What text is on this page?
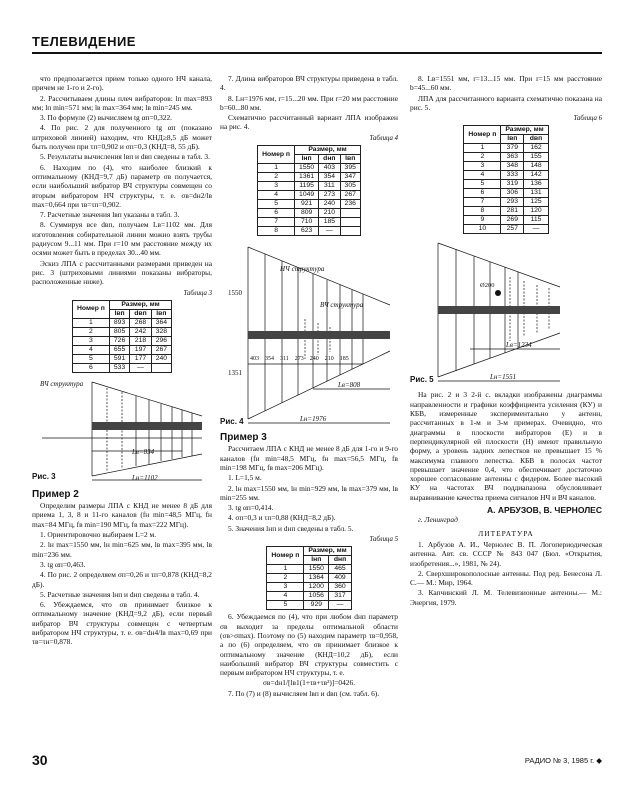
ТЕЛЕВИДЕНИЕ

что предполагается прием только одного НЧ канала, причем не 1-го и 2-го).

2. Рассчитываем длины плеч вибраторов: lп max=893 мм; lп min=571 мм; lв max=364 мм; lв min=245 мм.

3. По формуле (2) вычисляем tg αп=0,322.

4. По рис. 2 для полученного tg αп (показано штриховой линией) находим, что КНД≥8,5 дБ может быть получен при τп=0,902 и σп=0,3 (КНД=8, 55 дБ).

5. Результаты вычисления lвп и dвп сведены в табл. 3.

6. Находим по (4), что наиболее близкий к оптимальному (КНД=9,7 дБ) параметр σв получается, если наибольший вибратор ВЧ структуры совмещен со вторым вибратором НЧ структуры, т. е. σв=dн2/lв max=0,664 при τв=τп=0,902.

7. Расчетные значения lвп указаны в табл. 3.

8. Суммируя все dвп, получаем Lв=1102 мм. Для изготовления собирательной линии можно взять трубы радиусом 9...11 мм. При r=10 мм расстояние между их осями может быть в пределах 30...40 мм.

Эскиз ЛПА с рассчитанными размерами приведен на рис. 3 (штриховыми линиями показаны вибраторы, расположенные ниже).

Таблица 3
Номер п	Размер, мм		
	lвп	dвп	lвп
1	893	268	364
2	805	242	328
3	726	218	296
4	655	197	267
5	591	177	240
6	533	—	
Рис. 3
ВЧ структура
Lв=834
Lн=1102
Пример 2

Определим размеры ЛПА с КНД не менее 8 дБ для приема 1, 3, 8 и 11-го каналов (fн min=48,5 МГц, fн max=84 МГц, fв min=190 МГц, fв max=222 МГц).

1. Ориентировочно выбираем L=2 м.

2. lн max=1550 мм, lн min=625 мм, lв max=395 мм, lв min=236 мм.

3. tg αп=0,463.

4. По рис. 2 определяем σп=0,26 и τп=0,878 (КНД=8,2 дБ).

5. Расчетные значения lнп и dнп сведены в табл. 4.

6. Убеждаемся, что σв принимает близкое к оптимальному значение (КНД=9,2 дБ), если первый вибратор ВЧ структуры совмещен с четвертым вибратором НЧ структуры, т. е. σв=dн4/lв max=0,69 при τв=τн=0,878.

7. Длина вибраторов ВЧ структуры приведена в табл. 4.

8. Lн=1976 мм, r=15...20 мм. При r=20 мм расстояние b=60...80 мм.

Схематично рассчитанный вариант ЛПА изображен на рис. 4.

Таблица 4
Номер п	Размер, мм		
	lнп	dнп	lвп
1	1550	403	395
2	1361	354	347
3	1195	311	305
4	1049	273	267
5	921	240	236
6	809	210	
7	710	185	
8	623	—	
Рис. 4
НЧ структура
ВЧ структура
1550
1351
Lв=808
Lн=1976
403 354 311 273 240 210 185
Пример 3

Рассчитаем ЛПА с КНД не менее 8 дБ для 1-го и 9-го каналов (fн min=48,5 МГц, fн max=56,5 МГц, fв min=198 МГц, fв max=206 МГц).

1. L=1,5 м.

2. lн max=1550 мм, lн min=929 мм, lв max=379 мм, lв min=255 мм.

3. tg αп=0,414.

4. σп=0,3 и τп=0,88 (КНД=8,2 дБ).

5. Значения lнп и dнп сведены в табл. 5.

Таблица 5
Номер п	Размер, мм	
	lнп	dнп
1	1550	465
2	1364	409
3	1200	360
4	1056	317
5	929	—

6. Убеждаемся по (4), что при любом dнп параметр σв выходит за пределы оптимальной области (σв>σmax). Поэтому по (5) находим параметр τв=0,958, а по (6) определяем, что σв принимает близкое к оптимальному значение (КНД=10,2 дБ), если наибольший вибратор ВЧ структуры совместить с первым вибратором НЧ структуры, т. е.

σв=dн1/[lв1(1+τв+τв²)]=0426.

7. По (7) и (8) вычисляем lвп и dвп (см. табл. 6).

8. Lв=1551 мм, r=13...15 мм. При r=15 мм расстояние b=45...60 мм.

ЛПА для рассчитанного варианта схематично показана на рис. 5.

Таблица 6
Номер п	Размер, мм	
	lвп	dвп
1	379	162
2	363	155
3	348	148
4	333	142
5	319	136
6	306	131
7	293	125
8	281	120
9	269	115
10	257	—
Рис. 5
Ø200
Lв=1234
Lн=1551

На рис. 2 и 3 2-й с. вкладки изображены диаграммы направленности и графики коэффициента усиления (КУ) и КБВ, измеренные экспериментально у антенн, рассчитанных в 1-м и 3-м примерах. Очевидно, что диаграммы в плоскости вибраторов (Е) и в перпендикулярной ей плоскости (Н) имеют правильную форму, а уровень задних лепестков не превышает 15 % максимума главного лепестка. КБВ в полосах частот превышает значение 0,4, что обеспечивает достаточно хорошее согласование антенны с фидером. Более высокий КУ на частотах ВЧ поддиапазона обусловливает выравнивание качества приема сигналов НЧ и ВЧ каналов.

А. АРБУЗОВ, В. ЧЕРНОЛЕС
г. Ленинград
ЛИТЕРАТУРА

1. Арбузов А. И., Чернолес В. П. Логопериодическая антенна. Авт. св. СССР № 843 047 (Бюл. «Открытия, изобретения...», 1981, № 24).

2. Сверхширокополосные антенны. Под ред. Бенесона Л. С.— М.: Мир, 1964.

3. Капчинский Л. М. Телевизионные антенны.— М.: Энергия, 1979.

30	РАДИО № 3, 1985 г. ◆
